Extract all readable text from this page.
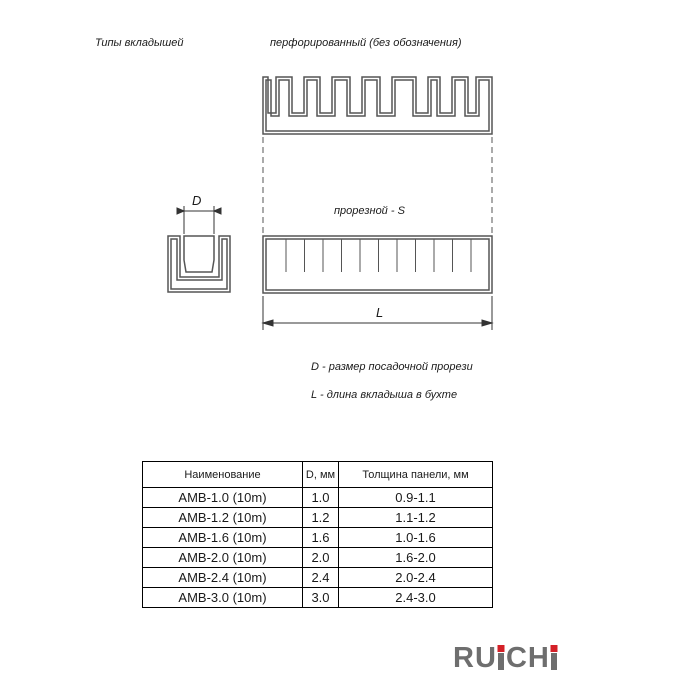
Типы вкладышей	перфорированный (без обозначения)
прорезной - S
D
L
D - размер посадочной прорези
L - длина вкладыша в бухте
Наименование	D, мм	Толщина панели, мм
AMB-1.0 (10m)	1.0	0.9-1.1
AMB-1.2 (10m)	1.2	1.1-1.2
AMB-1.6 (10m)	1.6	1.0-1.6
AMB-2.0 (10m)	2.0	1.6-2.0
AMB-2.4 (10m)	2.4	2.0-2.4
AMB-3.0 (10m)	3.0	2.4-3.0
RU CH
